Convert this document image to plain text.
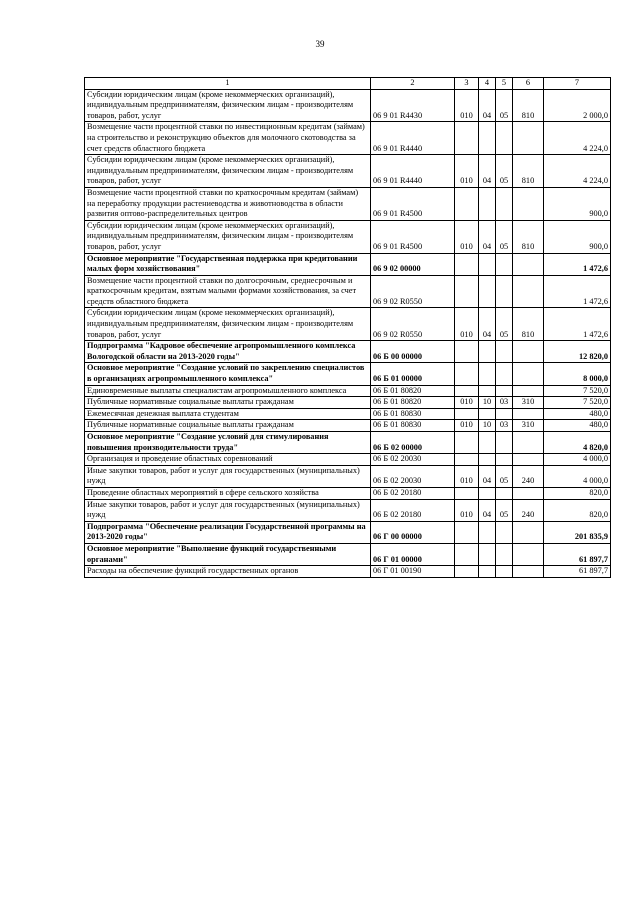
39
1	2	3	4	5	6	7
Субсидии юридическим лицам (кроме некоммерческих организаций), индивидуальным предпринимателям, физическим лицам - производителям товаров, работ, услуг	06 9 01 R4430	010	04	05	810	2 000,0
Возмещение части процентной ставки по инвестиционным кредитам (займам) на строительство и реконструкцию объектов для молочного скотоводства за счет средств областного бюджета	06 9 01 R4440					4 224,0
Субсидии юридическим лицам (кроме некоммерческих организаций), индивидуальным предпринимателям, физическим лицам - производителям товаров, работ, услуг	06 9 01 R4440	010	04	05	810	4 224,0
Возмещение части процентной ставки по краткосрочным кредитам (займам) на переработку продукции растениеводства и животноводства в области развития оптово-распределительных центров	06 9 01 R4500					900,0
Субсидии юридическим лицам (кроме некоммерческих организаций), индивидуальным предпринимателям, физическим лицам - производителям товаров, работ, услуг	06 9 01 R4500	010	04	05	810	900,0
Основное мероприятие "Государственная поддержка при кредитовании малых форм хозяйствования"	06 9 02 00000					1 472,6
Возмещение части процентной ставки по долгосрочным, среднесрочным и краткосрочным кредитам, взятым малыми формами хозяйствования, за счет средств областного бюджета	06 9 02 R0550					1 472,6
Субсидии юридическим лицам (кроме некоммерческих организаций), индивидуальным предпринимателям, физическим лицам - производителям товаров, работ, услуг	06 9 02 R0550	010	04	05	810	1 472,6
Подпрограмма "Кадровое обеспечение агропромышленного комплекса Вологодской области на 2013-2020 годы"	06 Б 00 00000					12 820,0
Основное мероприятие "Создание условий по закреплению специалистов в организациях агропромышленного комплекса"	06 Б 01 00000					8 000,0
Единовременные выплаты специалистам агропромышленного комплекса	06 Б 01 80820					7 520,0
Публичные нормативные социальные выплаты гражданам	06 Б 01 80820	010	10	03	310	7 520,0
Ежемесячная денежная выплата студентам	06 Б 01 80830					480,0
Публичные нормативные социальные выплаты гражданам	06 Б 01 80830	010	10	03	310	480,0
Основное мероприятие "Создание условий для стимулирования повышения производительности труда"	06 Б 02 00000					4 820,0
Организация и проведение областных соревнований	06 Б 02 20030					4 000,0
Иные закупки товаров, работ и услуг для государственных (муниципальных) нужд	06 Б 02 20030	010	04	05	240	4 000,0
Проведение областных мероприятий в сфере сельского хозяйства	06 Б 02 20180					820,0
Иные закупки товаров, работ и услуг для государственных (муниципальных) нужд	06 Б 02 20180	010	04	05	240	820,0
Подпрограмма "Обеспечение реализации Государственной программы на 2013-2020 годы"	06 Г 00 00000					201 835,9
Основное мероприятие "Выполнение функций государственными органами"	06 Г 01 00000					61 897,7
Расходы на обеспечение функций государственных органов	06 Г 01 00190					61 897,7
